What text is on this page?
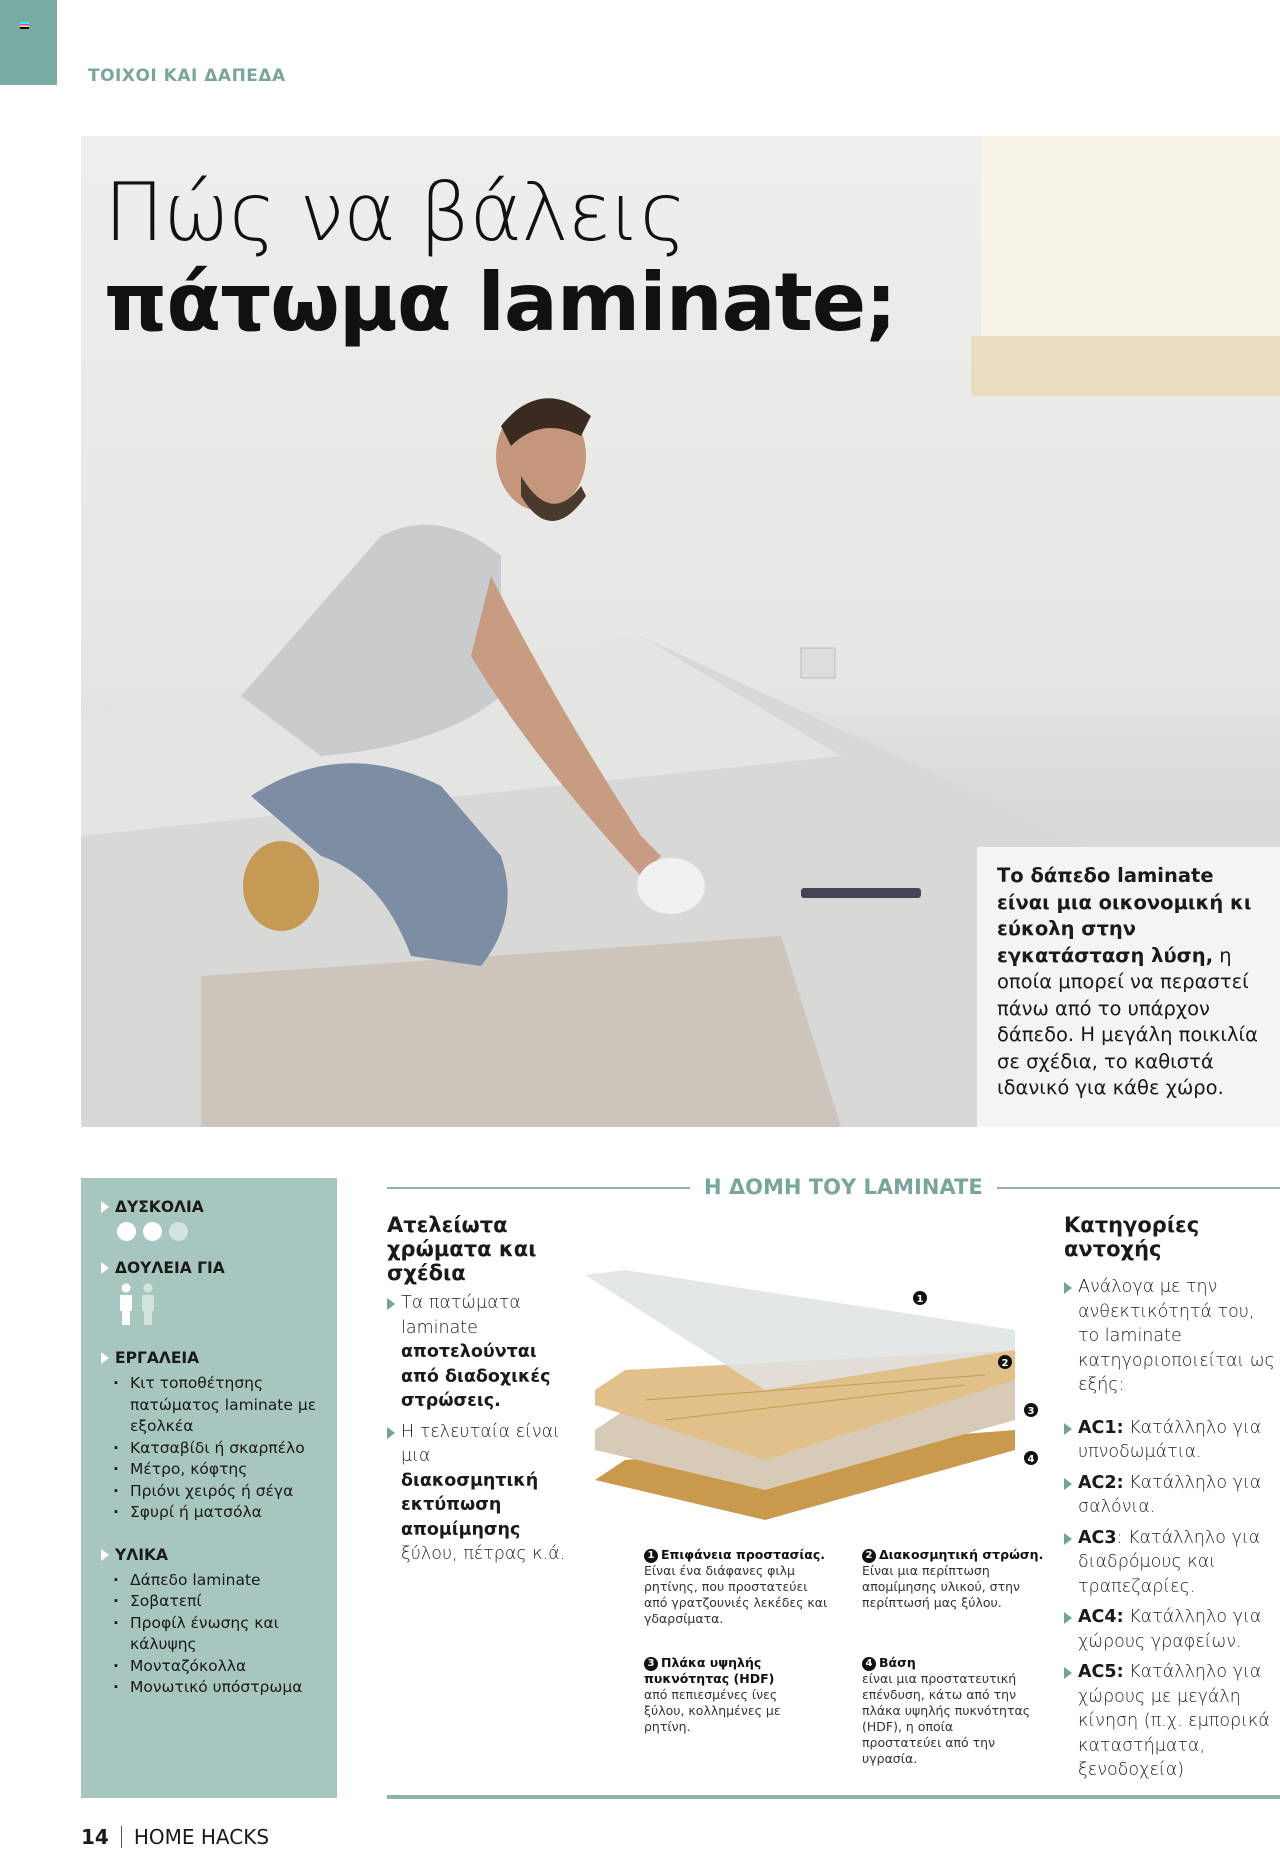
ΤΟΙΧΟΙ ΚΑΙ ΔΑΠΕΔΑ
Πώς να βάλεις
πάτωμα laminate;
Το δάπεδο laminate είναι μια οικονομική κι εύκολη στην εγκατάσταση λύση, η οποία μπορεί να περαστεί πάνω από το υπάρχον δάπεδο. Η μεγάλη ποικιλία σε σχέδια, το καθιστά ιδανικό για κάθε χώρο.
ΔΥΣΚΟΛΙΑ
ΔΟΥΛΕΙΑ ΓΙΑ
ΕΡΓΑΛΕΙΑ
· Κιτ τοποθέτησης πατώματος laminate με εξολκέα
· Κατσαβίδι ή σκαρπέλο
· Μέτρο, κόφτης
· Πριόνι χειρός ή σέγα
· Σφυρί ή ματσόλα
ΥΛΙΚΑ
· Δάπεδο laminate
· Σοβατεπί
· Προφίλ ένωσης και κάλυψης
· Μονταζόκολλα
· Μονωτικό υπόστρωμα
Η ΔΟΜΗ ΤΟΥ LAMINATE
Ατελείωτα χρώματα και σχέδια
Τα πατώματα laminate αποτελούνται από διαδοχικές στρώσεις.
Η τελευταία είναι μια διακοσμητική εκτύπωση απομίμησης ξύλου, πέτρας κ.ά.
1
2
3
4
1 Επιφάνεια προστασίας.
Είναι ένα διάφανες φιλμ ρητίνης, που προστατεύει από γρατζουνιές λεκέδες και γδαρσίματα.
2 Διακοσμητική στρώση.
Είναι μια περίπτωση απομίμησης υλικού, στην περίπτωσή μας ξύλου.
3 Πλάκα υψηλής πυκνότητας (HDF)
από πεπιεσμένες ίνες ξύλου, κολλημένες με ρητίνη.
4 Βάση
είναι μια προστατευτική επένδυση, κάτω από την πλάκα υψηλής πυκνότητας (HDF), η οποία προστατεύει από την υγρασία.
Κατηγορίες αντοχής
Ανάλογα με την ανθεκτικότητά του, το laminate κατηγοριοποιείται ως εξής:
AC1: Κατάλληλο για υπνοδωμάτια.
AC2: Κατάλληλο για σαλόνια.
AC3: Κατάλληλο για διαδρόμους και τραπεζαρίες.
AC4: Κατάλληλο για χώρους γραφείων.
AC5: Κατάλληλο για χώρους με μεγάλη κίνηση (π.χ. εμπορικά καταστήματα, ξενοδοχεία)
14 HOME HACKS
